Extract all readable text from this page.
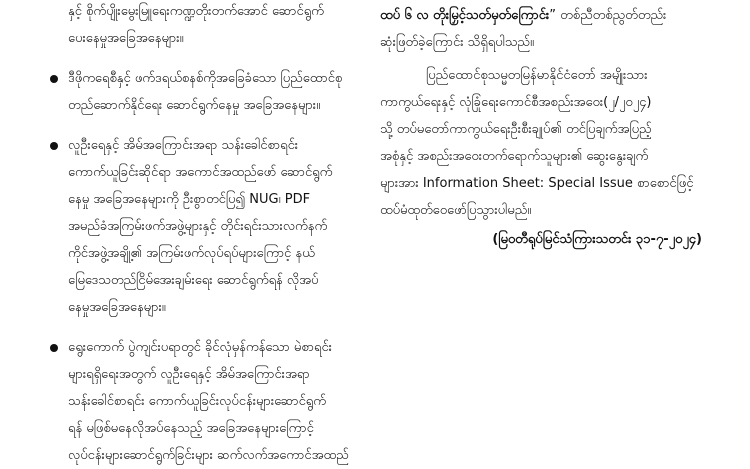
နှင့် စိုက်ပျိုးမွေးမြူရေးကဏ္ဍတိုးတက်အောင် ဆောင်ရွက်
ပေးနေမှုအခြေအနေများ။
ဒီဖိုကရေစီနှင့် ဖက်ဒရယ်စနစ်ကိုအခြေခံသော ပြည်ထောင်စု
တည်ဆောက်နိုင်ရေး ဆောင်ရွက်နေမှု အခြေအနေများ။
လူဦးရေနှင့် အိမ်အကြောင်းအရာ သန်းခေါင်စာရင်း
ကောက်ယူခြင်းဆိုင်ရာ အကောင်အထည်ဖော် ဆောင်ရွက်
နေမှု အခြေအနေများကို ဦးစွာတင်ပြ၍ NUG၊ PDF
အမည်ခံအကြမ်းဖက်အဖွဲ့များနှင့် တိုင်းရင်းသားလက်နက်
ကိုင်အဖွဲ့အချို့၏ အကြမ်းဖက်လုပ်ရပ်များကြောင့် နယ်
မြေဒေသတည်ငြိမ်အေးချမ်းရေး ဆောင်ရွက်ရန် လိုအပ်
နေမှုအခြေအနေများ။
ရွေးကောက် ပွဲကျင်းပရာတွင် ခိုင်လုံမှန်ကန်သော မဲစာရင်း
များရရှိရေးအတွက် လူဦးရေနှင့် အိမ်အကြောင်းအရာ
သန်းခေါင်စာရင်း ကောက်ယူခြင်းလုပ်ငန်းများဆောင်ရွက်
ရန် မဖြစ်မနေလိုအပ်နေသည့် အခြေအနေများကြောင့်
လုပ်ငန်းများဆောင်ရွက်ခြင်းများ ဆက်လက်အကောင်အထည်
ထပ် ၆ လ တိုးမြှင့်သတ်မှတ်ကြောင်း” တစ်ညီတစ်ညွတ်တည်း
ဆုံးဖြတ်ခဲ့ကြောင်း သိရှိရပါသည်။
ပြည်ထောင်စုသမ္မတမြန်မာနိုင်ငံတော် အမျိုးသား
ကာကွယ်ရေးနှင့် လုံခြုံရေးကောင်စီအစည်းအဝေး(၂/၂၀၂၄)
သို့ တပ်မတော်ကာကွယ်ရေးဦးစီးချုပ်၏ တင်ပြချက်အပြည့်
အစုံနှင့် အစည်းအဝေးတက်ရောက်သူများ၏ ဆွေးနွေးချက်
များအား Information Sheet: Special Issue စာစောင်ဖြင့်
ထပ်မံထုတ်ဝေဖော်ပြသွားပါမည်။
(မြဝတီရုပ်မြင်သံကြားသတင်း ၃၁-၇-၂၀၂၄)
